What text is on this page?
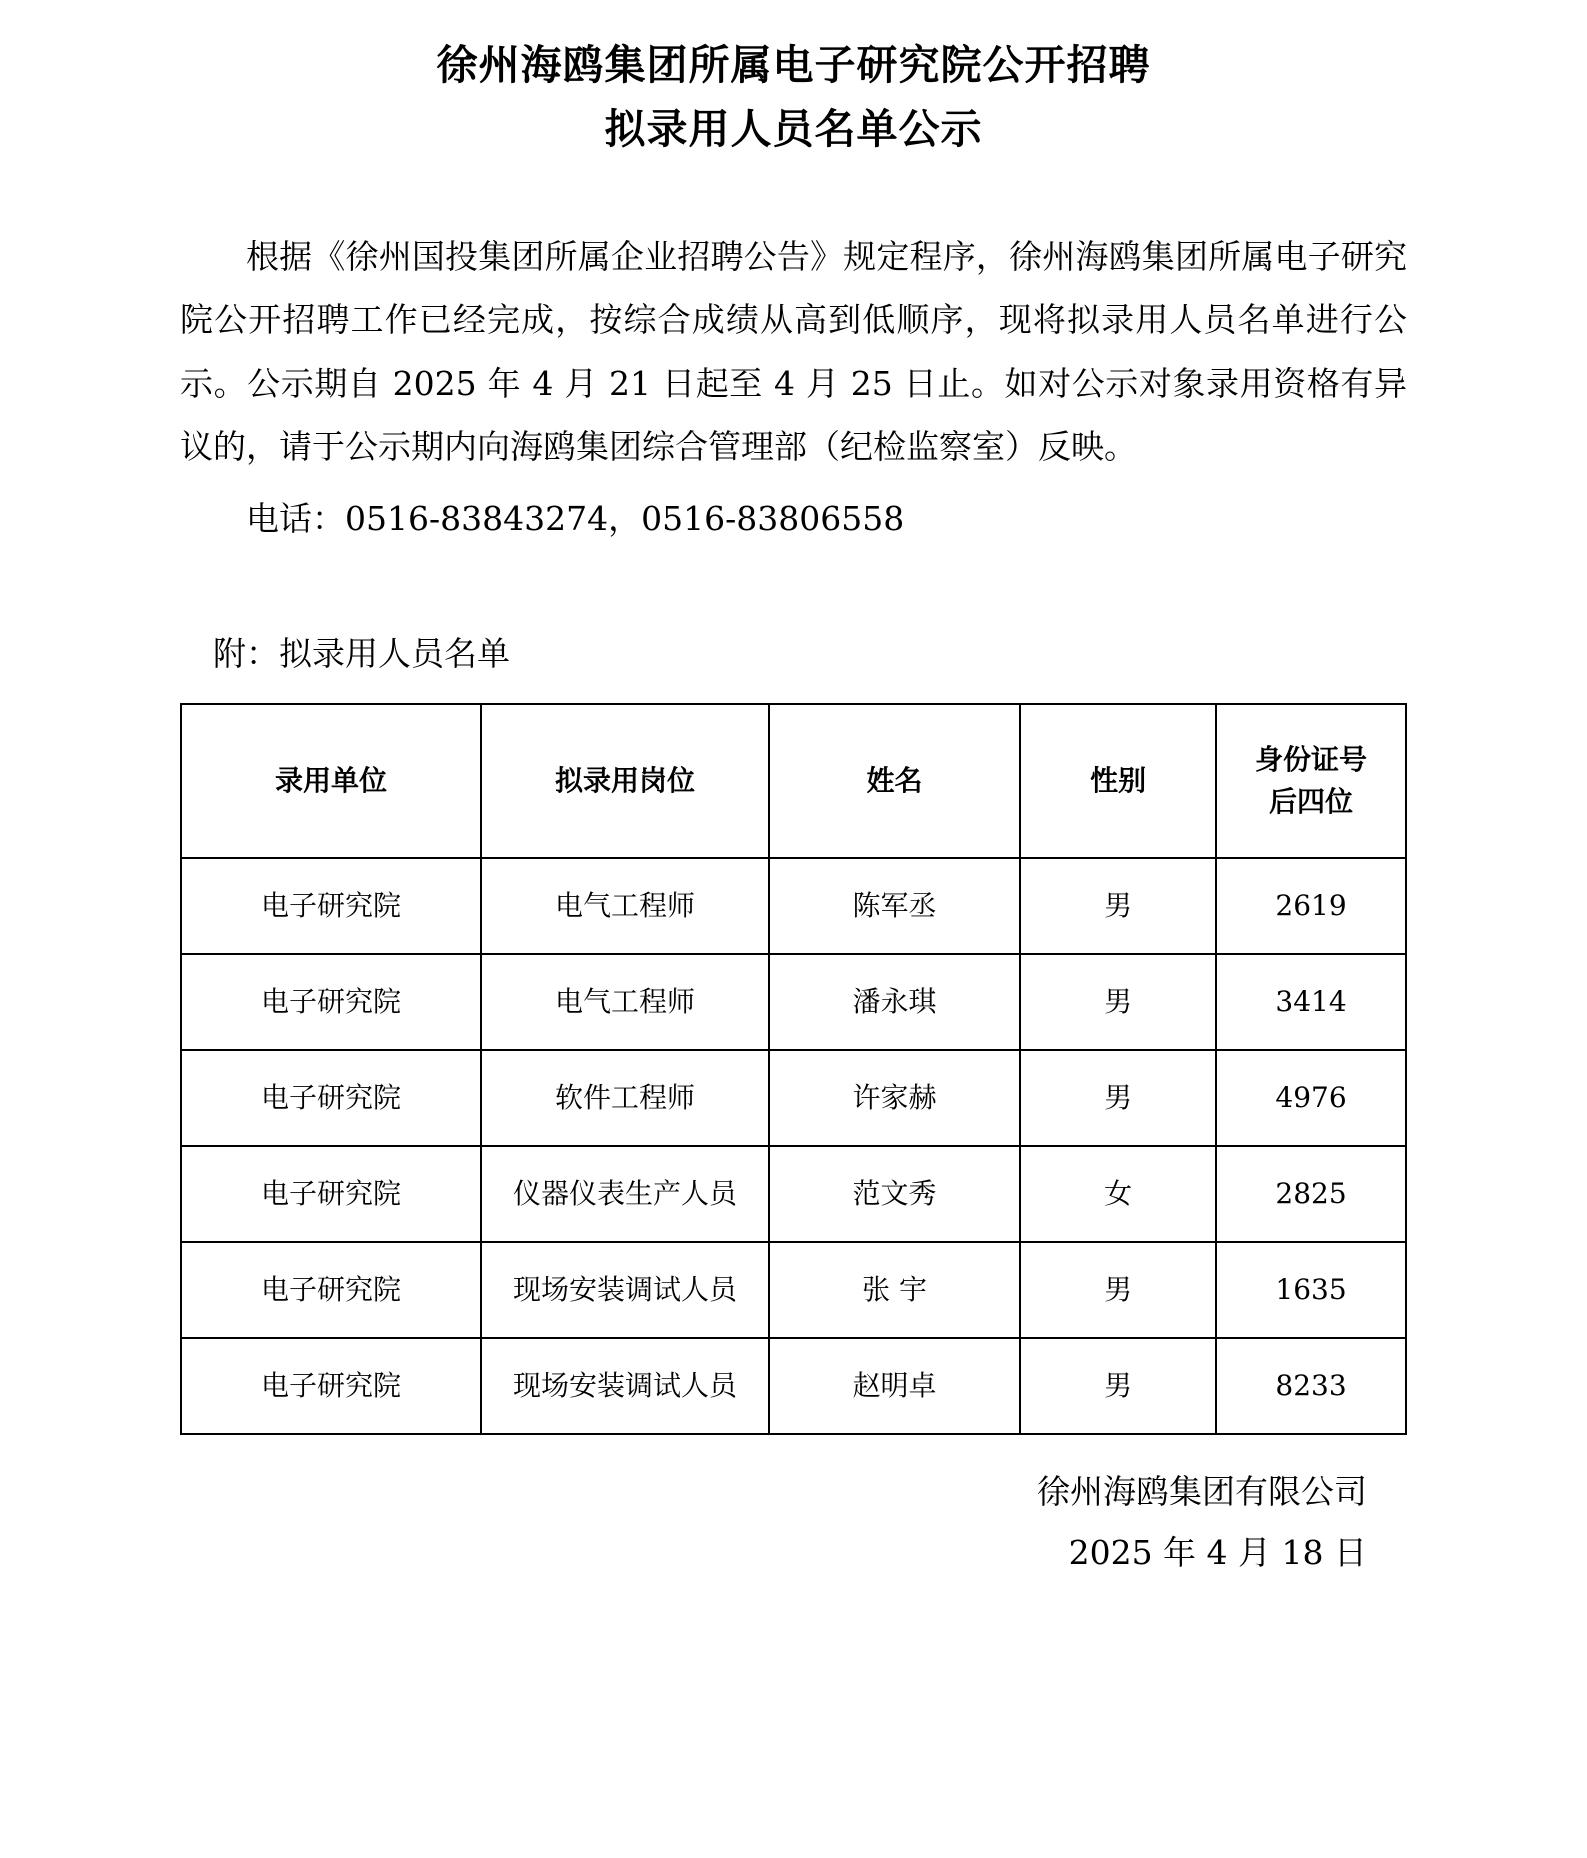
徐州海鸥集团所属电子研究院公开招聘
拟录用人员名单公示

根据《徐州国投集团所属企业招聘公告》规定程序，徐州海鸥集团所属电子研究院公开招聘工作已经完成，按综合成绩从高到低顺序，现将拟录用人员名单进行公示。公示期自 2025 年 4 月 21 日起至 4 月 25 日止。如对公示对象录用资格有异议的，请于公示期内向海鸥集团综合管理部（纪检监察室）反映。

电话：0516-83843274，0516-83806558

附：拟录用人员名单
录用单位	拟录用岗位	姓名	性别	身份证号
后四位

电子研究院	电气工程师	陈军丞	男	2619
电子研究院	电气工程师	潘永琪	男	3414
电子研究院	软件工程师	许家赫	男	4976
电子研究院	仪器仪表生产人员	范文秀	女	2825
电子研究院	现场安装调试人员	张 宇	男	1635
电子研究院	现场安装调试人员	赵明卓	男	8233
徐州海鸥集团有限公司
2025 年 4 月 18 日
